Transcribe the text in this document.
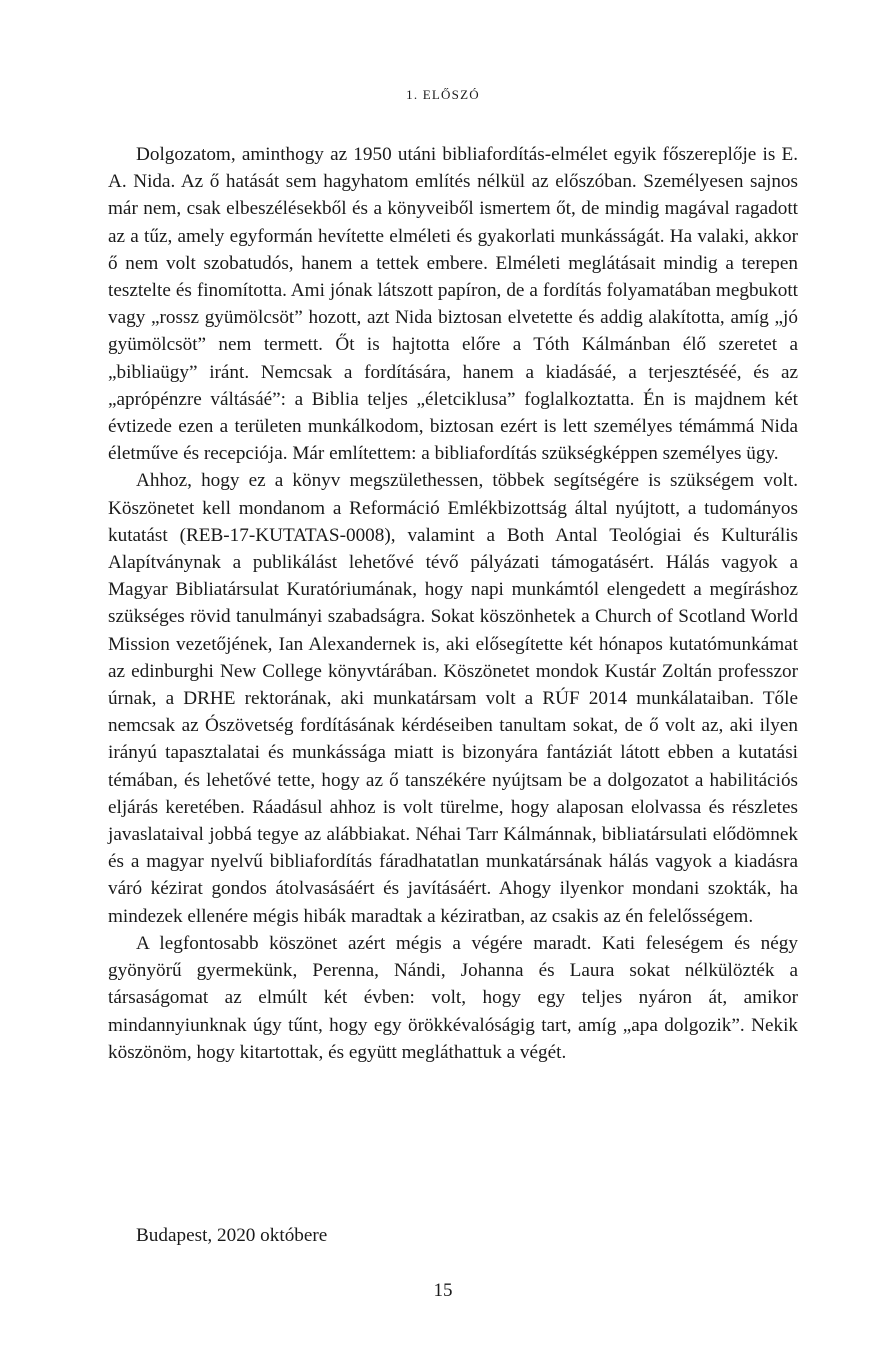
1. ELŐSZÓ

Dolgozatom, aminthogy az 1950 utáni bibliafordítás-elmélet egyik főszereplője is E. A. Nida. Az ő hatását sem hagyhatom említés nélkül az előszóban. Személyesen sajnos már nem, csak elbeszélésekből és a könyveiből ismertem őt, de mindig magával ragadott az a tűz, amely egyformán hevítette elméleti és gyakorlati munkásságát. Ha valaki, akkor ő nem volt szobatudós, hanem a tettek embere. Elméleti meglátásait mindig a terepen tesztelte és finomította. Ami jónak látszott papíron, de a fordítás folyamatában megbukott vagy „rossz gyümölcsöt” hozott, azt Nida biztosan elvetette és addig alakította, amíg „jó gyümölcsöt” nem termett. Őt is hajtotta előre a Tóth Kálmánban élő szeretet a „bibliaügy” iránt. Nemcsak a fordítására, hanem a kiadásáé, a terjesztéséé, és az „aprópénzre váltásáé”: a Biblia teljes „életciklusa” foglalkoztatta. Én is majdnem két évtizede ezen a területen munkálkodom, biztosan ezért is lett személyes témámmá Nida életműve és recepciója. Már említettem: a bibliafordítás szükségképpen személyes ügy.

Ahhoz, hogy ez a könyv megszülethessen, többek segítségére is szükségem volt. Köszönetet kell mondanom a Reformáció Emlékbizottság által nyújtott, a tudományos kutatást (REB-17-KUTATAS-0008), valamint a Both Antal Teológiai és Kulturális Alapítványnak a publikálást lehetővé tévő pályázati támogatásért. Hálás vagyok a Magyar Bibliatársulat Kuratóriumának, hogy napi munkámtól elengedett a megíráshoz szükséges rövid tanulmányi szabadságra. Sokat köszönhetek a Church of Scotland World Mission vezetőjének, Ian Alexandernek is, aki elősegítette két hónapos kutatómunkámat az edinburghi New College könyvtárában. Köszönetet mondok Kustár Zoltán professzor úrnak, a DRHE rektorának, aki munkatársam volt a RÚF 2014 munkálataiban. Tőle nemcsak az Ószövetség fordításának kérdéseiben tanultam sokat, de ő volt az, aki ilyen irányú tapasztalatai és munkássága miatt is bizonyára fantáziát látott ebben a kutatási témában, és lehetővé tette, hogy az ő tanszékére nyújtsam be a dolgozatot a habilitációs eljárás keretében. Ráadásul ahhoz is volt türelme, hogy alaposan elolvassa és részletes javaslataival jobbá tegye az alábbiakat. Néhai Tarr Kálmánnak, bibliatársulati elődömnek és a magyar nyelvű bibliafordítás fáradhatatlan munkatársának hálás vagyok a kiadásra váró kézirat gondos átolvasásáért és javításáért. Ahogy ilyenkor mondani szokták, ha mindezek ellenére mégis hibák maradtak a kéziratban, az csakis az én felelősségem.

A legfontosabb köszönet azért mégis a végére maradt. Kati feleségem és négy gyönyörű gyermekünk, Perenna, Nándi, Johanna és Laura sokat nélkülözték a társaságomat az elmúlt két évben: volt, hogy egy teljes nyáron át, amikor mindannyiunknak úgy tűnt, hogy egy örökkévalóságig tart, amíg „apa dolgozik”. Nekik köszönöm, hogy kitartottak, és együtt megláthattuk a végét.

Budapest, 2020 októbere
15
